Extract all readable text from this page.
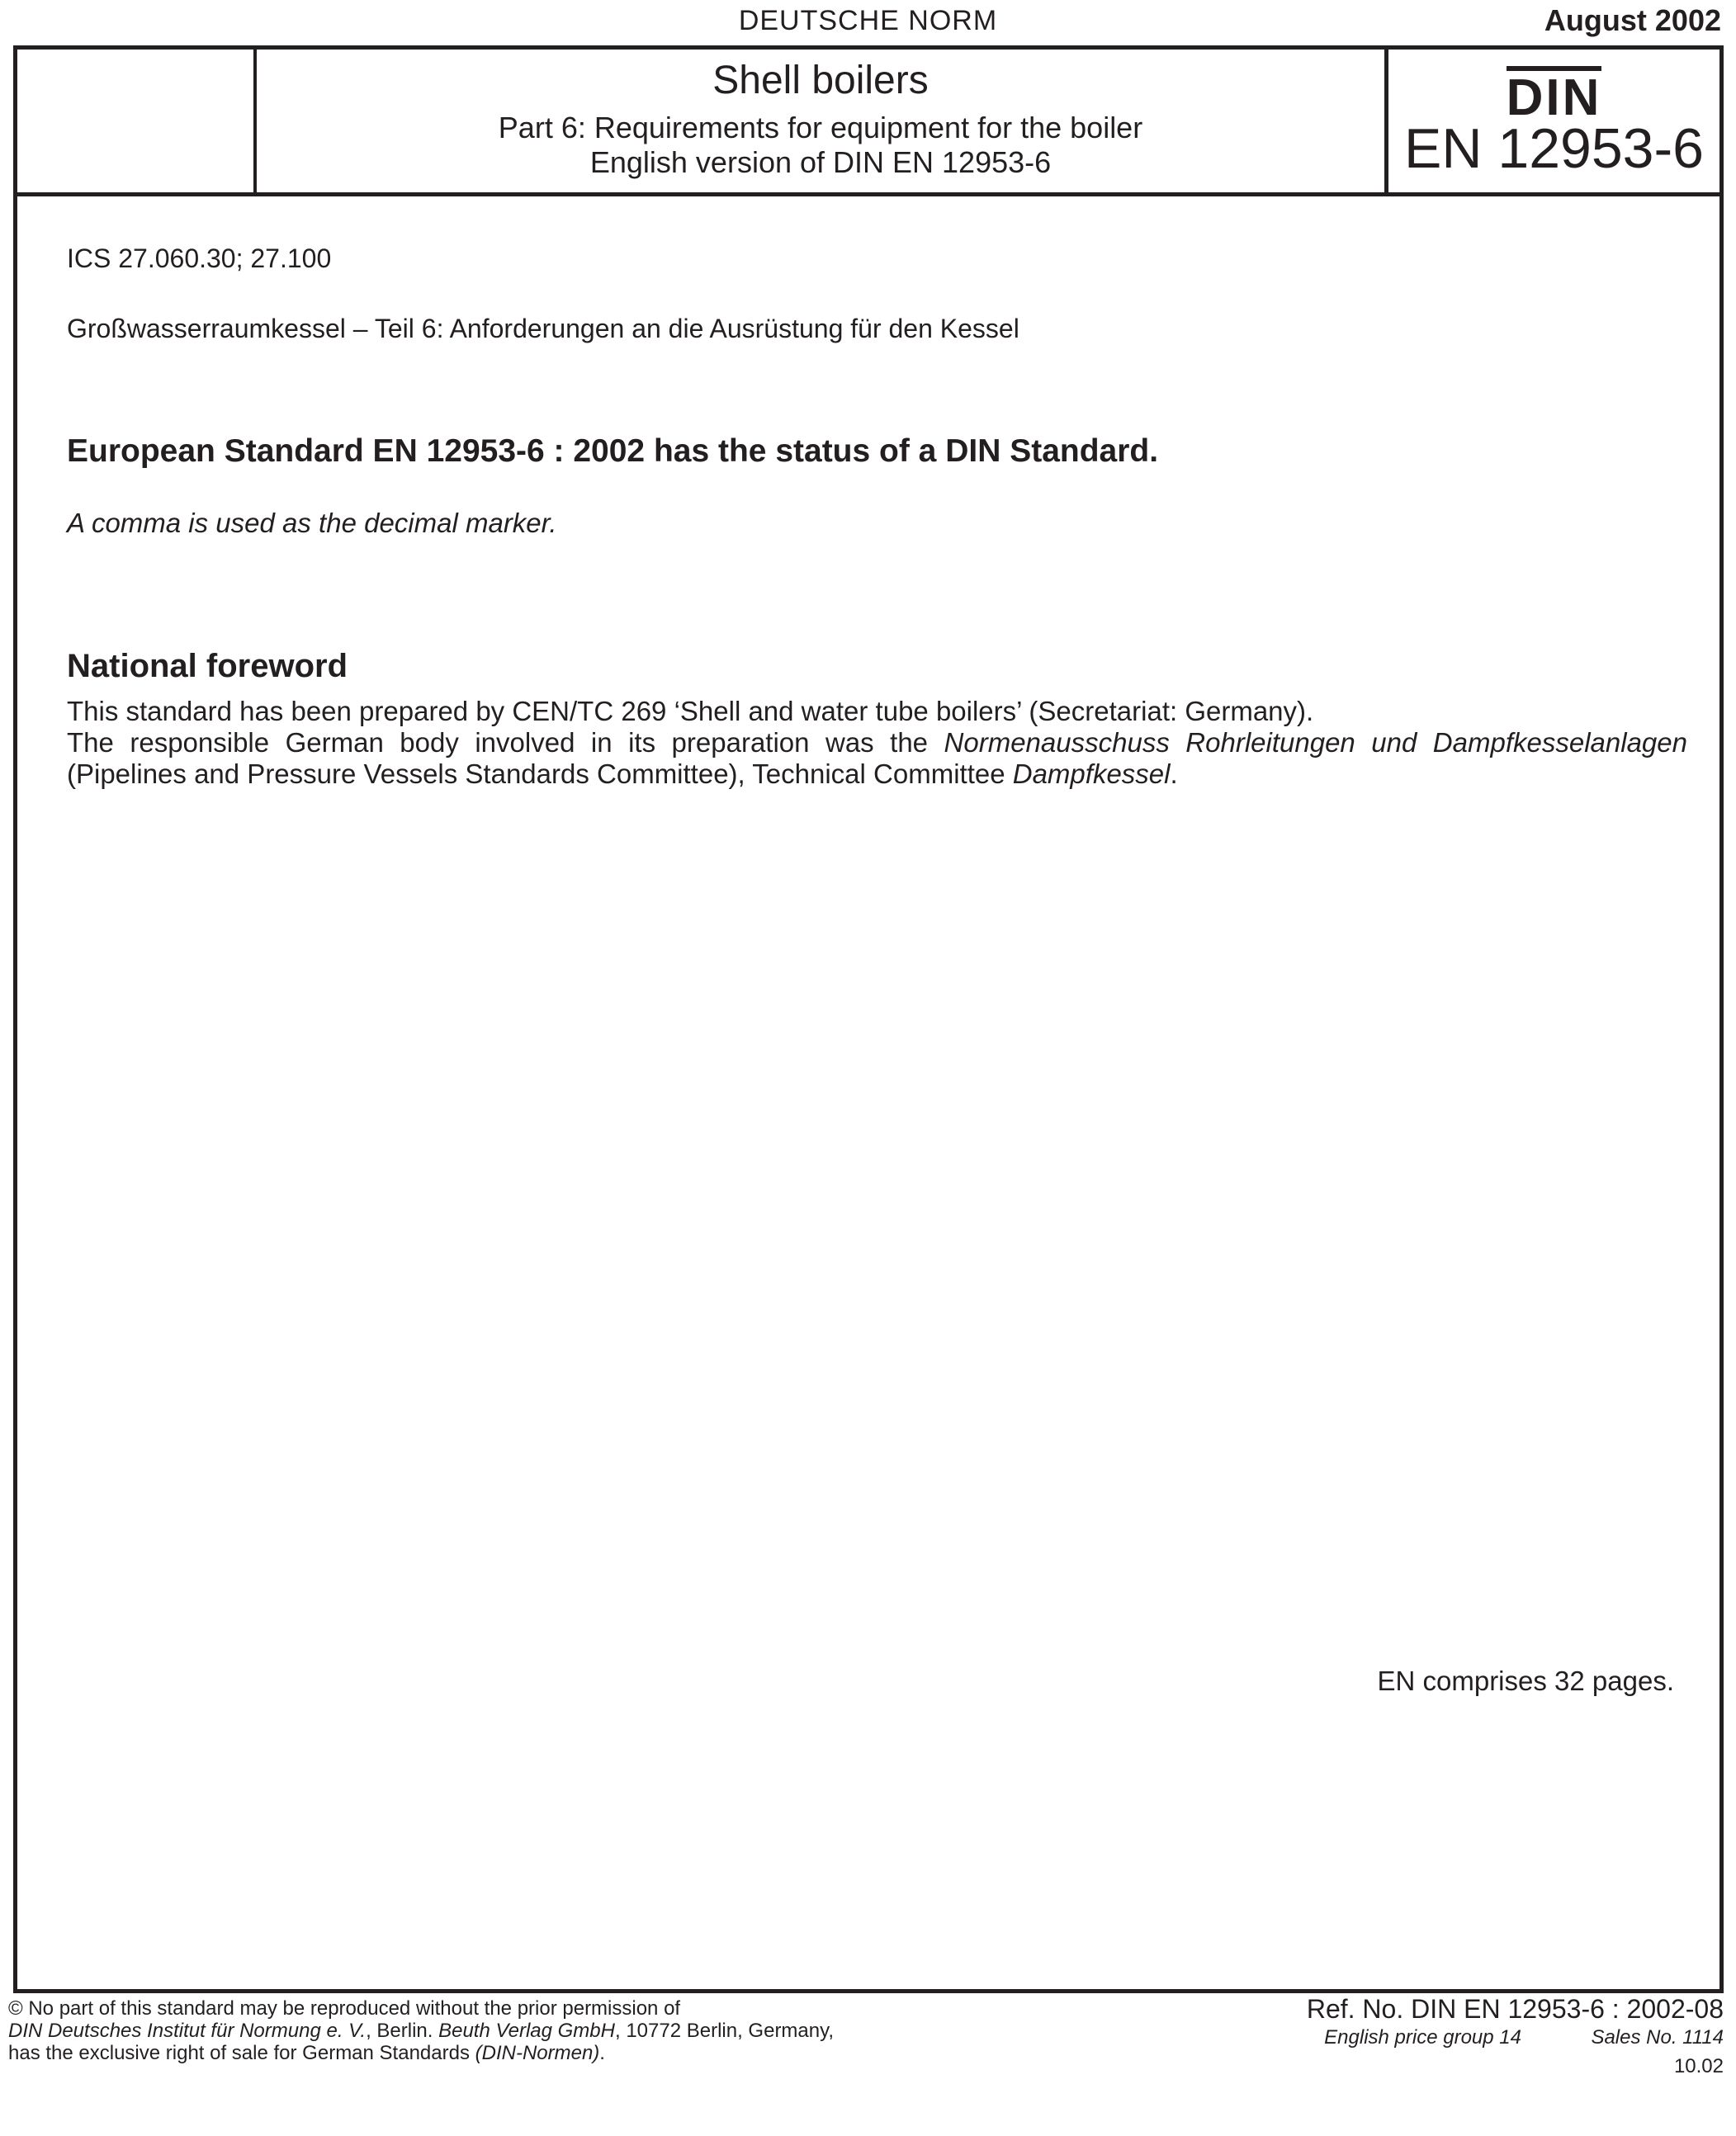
DEUTSCHE NORM	August 2002
Shell boilers
Part 6: Requirements for equipment for the boiler
English version of DIN EN 12953-6
DIN
EN 12953-6
ICS 27.060.30; 27.100
Großwasserraumkessel – Teil 6: Anforderungen an die Ausrüstung für den Kessel
European Standard EN 12953-6 : 2002 has the status of a DIN Standard.
A comma is used as the decimal marker.
National foreword

This standard has been prepared by CEN/TC 269 ‘Shell and water tube boilers’ (Secretariat: Germany).

The responsible German body involved in its preparation was the Normenausschuss Rohrleitungen und Dampfkesselanlagen (Pipelines and Pressure Vessels Standards Committee), Technical Committee Dampfkessel.

EN comprises 32 pages.
© No part of this standard may be reproduced without the prior permission of
DIN Deutsches Institut für Normung e. V., Berlin. Beuth Verlag GmbH, 10772 Berlin, Germany,
has the exclusive right of sale for German Standards (DIN-Normen).
Ref. No. DIN EN 12953-6 : 2002-08
English price group 14	Sales No. 1114
10.02
